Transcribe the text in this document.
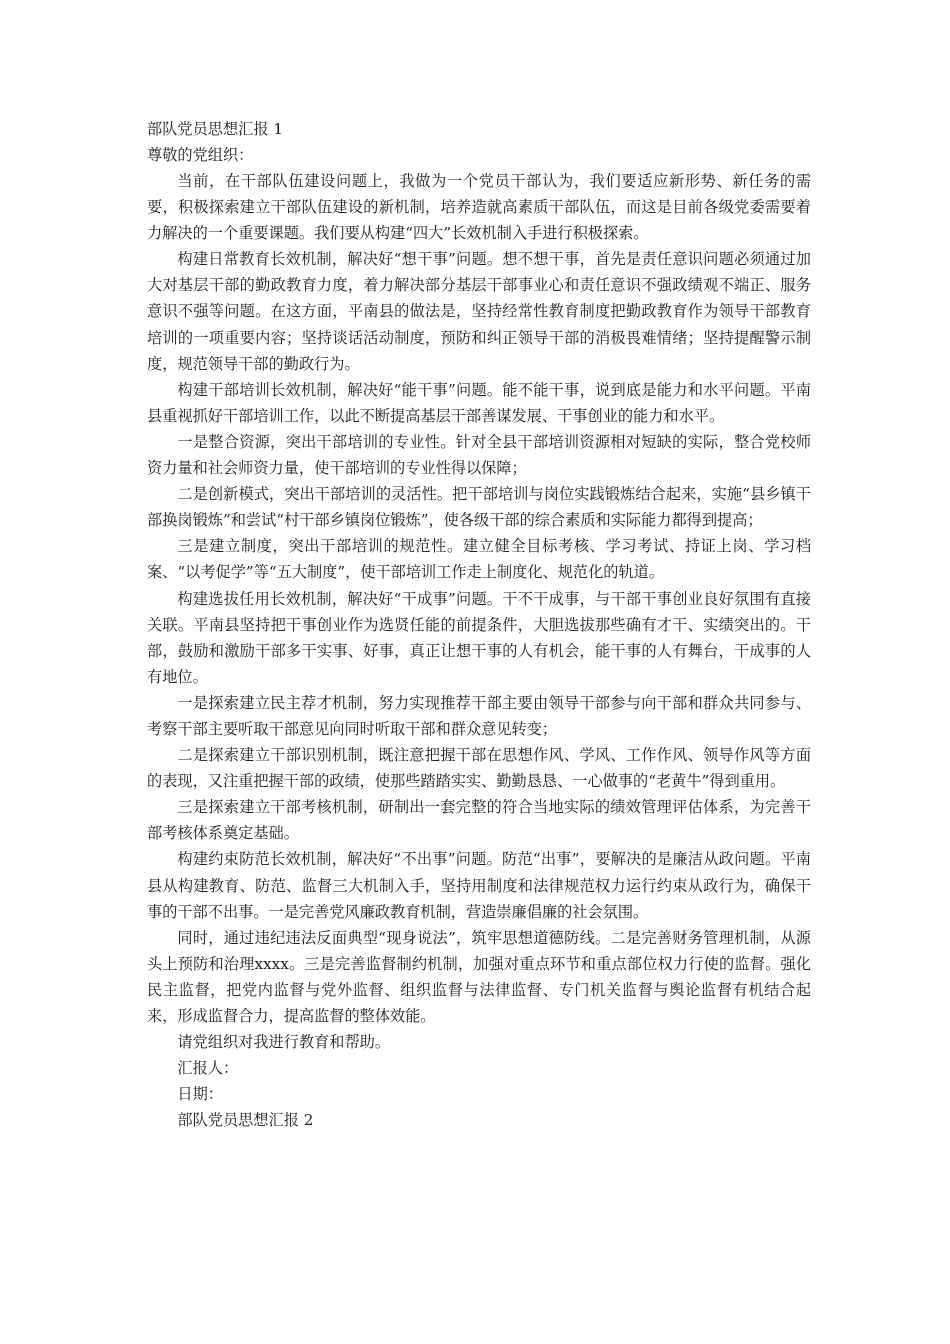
部队党员思想汇报 1
尊敬的党组织：

当前，在干部队伍建设问题上，我做为一个党员干部认为，我们要适应新形势、新任务的需要，积极探索建立干部队伍建设的新机制，培养造就高素质干部队伍，而这是目前各级党委需要着力解决的一个重要课题。我们要从构建“四大”长效机制入手进行积极探索。

构建日常教育长效机制，解决好“想干事”问题。想不想干事，首先是责任意识问题必须通过加大对基层干部的勤政教育力度，着力解决部分基层干部事业心和责任意识不强政绩观不端正、服务意识不强等问题。在这方面，平南县的做法是，坚持经常性教育制度把勤政教育作为领导干部教育培训的一项重要内容；坚持谈话活动制度，预防和纠正领导干部的消极畏难情绪；坚持提醒警示制度，规范领导干部的勤政行为。

构建干部培训长效机制，解决好“能干事”问题。能不能干事，说到底是能力和水平问题。平南县重视抓好干部培训工作，以此不断提高基层干部善谋发展、干事创业的能力和水平。

一是整合资源，突出干部培训的专业性。针对全县干部培训资源相对短缺的实际，整合党校师资力量和社会师资力量，使干部培训的专业性得以保障；

二是创新模式，突出干部培训的灵活性。把干部培训与岗位实践锻炼结合起来，实施“县乡镇干部换岗锻炼”和尝试“村干部乡镇岗位锻炼”，使各级干部的综合素质和实际能力都得到提高；

三是建立制度，突出干部培训的规范性。建立健全目标考核、学习考试、持证上岗、学习档案、“以考促学”等“五大制度”，使干部培训工作走上制度化、规范化的轨道。

构建选拔任用长效机制，解决好“干成事”问题。干不干成事，与干部干事创业良好氛围有直接关联。平南县坚持把干事创业作为选贤任能的前提条件，大胆选拔那些确有才干、实绩突出的。干部，鼓励和激励干部多干实事、好事，真正让想干事的人有机会，能干事的人有舞台，干成事的人有地位。

一是探索建立民主荐才机制，努力实现推荐干部主要由领导干部参与向干部和群众共同参与、考察干部主要听取干部意见向同时听取干部和群众意见转变；

二是探索建立干部识别机制，既注意把握干部在思想作风、学风、工作作风、领导作风等方面的表现，又注重把握干部的政绩，使那些踏踏实实、勤勤恳恳、一心做事的“老黄牛”得到重用。

三是探索建立干部考核机制，研制出一套完整的符合当地实际的绩效管理评估体系，为完善干部考核体系奠定基础。

构建约束防范长效机制，解决好“不出事”问题。防范“出事”，要解决的是廉洁从政问题。平南县从构建教育、防范、监督三大机制入手，坚持用制度和法律规范权力运行约束从政行为，确保干事的干部不出事。一是完善党风廉政教育机制，营造崇廉倡廉的社会氛围。

同时，通过违纪违法反面典型“现身说法”，筑牢思想道德防线。二是完善财务管理机制，从源头上预防和治理xxxx。三是完善监督制约机制，加强对重点环节和重点部位权力行使的监督。强化民主监督，把党内监督与党外监督、组织监督与法律监督、专门机关监督与舆论监督有机结合起来，形成监督合力，提高监督的整体效能。

请党组织对我进行教育和帮助。

汇报人：
日期：
部队党员思想汇报 2
